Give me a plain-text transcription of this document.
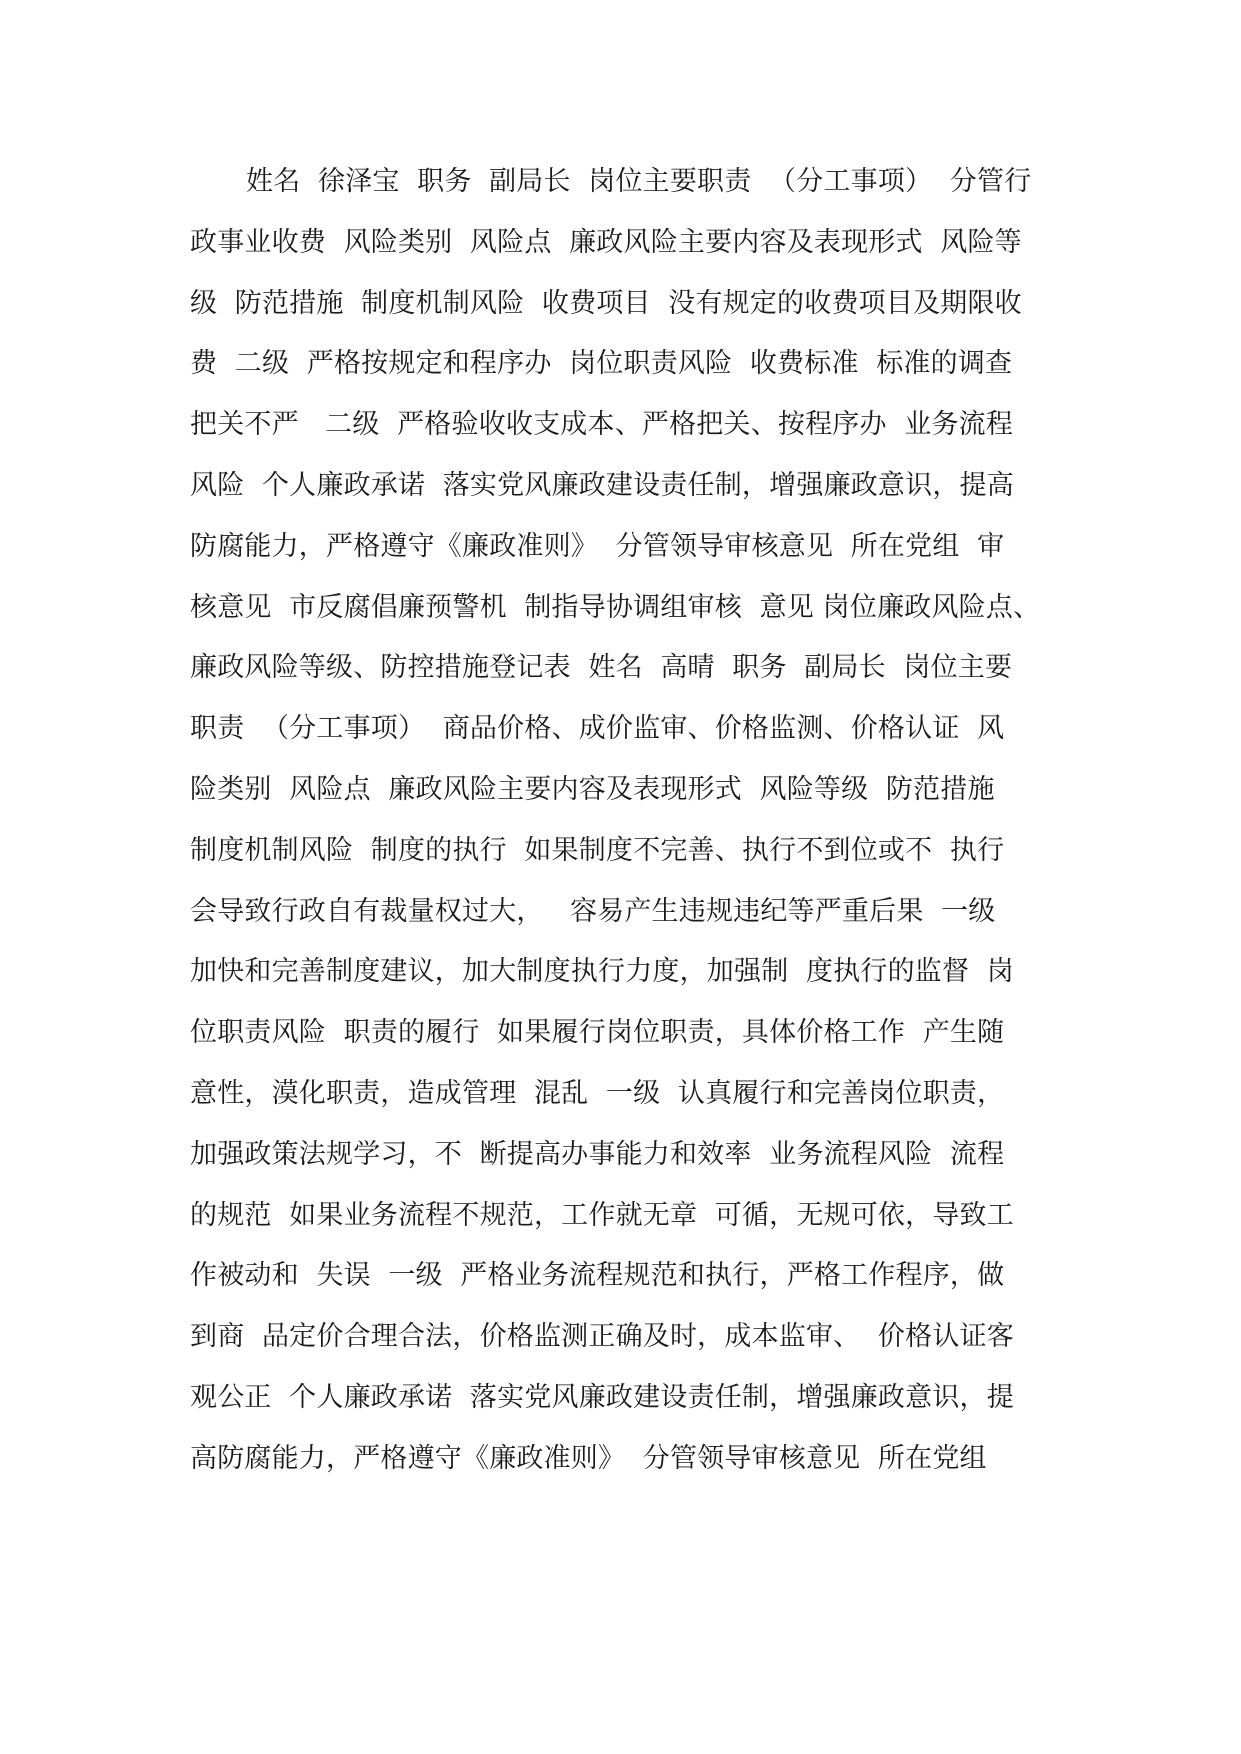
姓名  徐泽宝  职务  副局长  岗位主要职责  （分工事项）  分管行
政事业收费  风险类别  风险点  廉政风险主要内容及表现形式  风险等
级  防范措施  制度机制风险  收费项目  没有规定的收费项目及期限收
费  二级  严格按规定和程序办  岗位职责风险  收费标准  标准的调查
把关不严   二级  严格验收收支成本、严格把关、按程序办  业务流程
风险  个人廉政承诺  落实党风廉政建设责任制，增强廉政意识，提高
防腐能力，严格遵守《廉政准则》  分管领导审核意见  所在党组  审
核意见  市反腐倡廉预警机  制指导协调组审核  意见 岗位廉政风险点、
廉政风险等级、防控措施登记表  姓名  高晴  职务  副局长  岗位主要
职责  （分工事项）  商品价格、成价监审、价格监测、价格认证  风
险类别  风险点  廉政风险主要内容及表现形式  风险等级  防范措施
制度机制风险  制度的执行  如果制度不完善、执行不到位或不  执行
会导致行政自有裁量权过大，   容易产生违规违纪等严重后果  一级
加快和完善制度建议，加大制度执行力度，加强制  度执行的监督  岗
位职责风险  职责的履行  如果履行岗位职责，具体价格工作  产生随
意性，漠化职责，造成管理  混乱  一级  认真履行和完善岗位职责，
加强政策法规学习，不  断提高办事能力和效率  业务流程风险  流程
的规范  如果业务流程不规范，工作就无章  可循，无规可依，导致工
作被动和  失误  一级  严格业务流程规范和执行，严格工作程序，做
到商  品定价合理合法，价格监测正确及时，成本监审、  价格认证客
观公正  个人廉政承诺  落实党风廉政建设责任制，增强廉政意识，提
高防腐能力，严格遵守《廉政准则》  分管领导审核意见  所在党组
